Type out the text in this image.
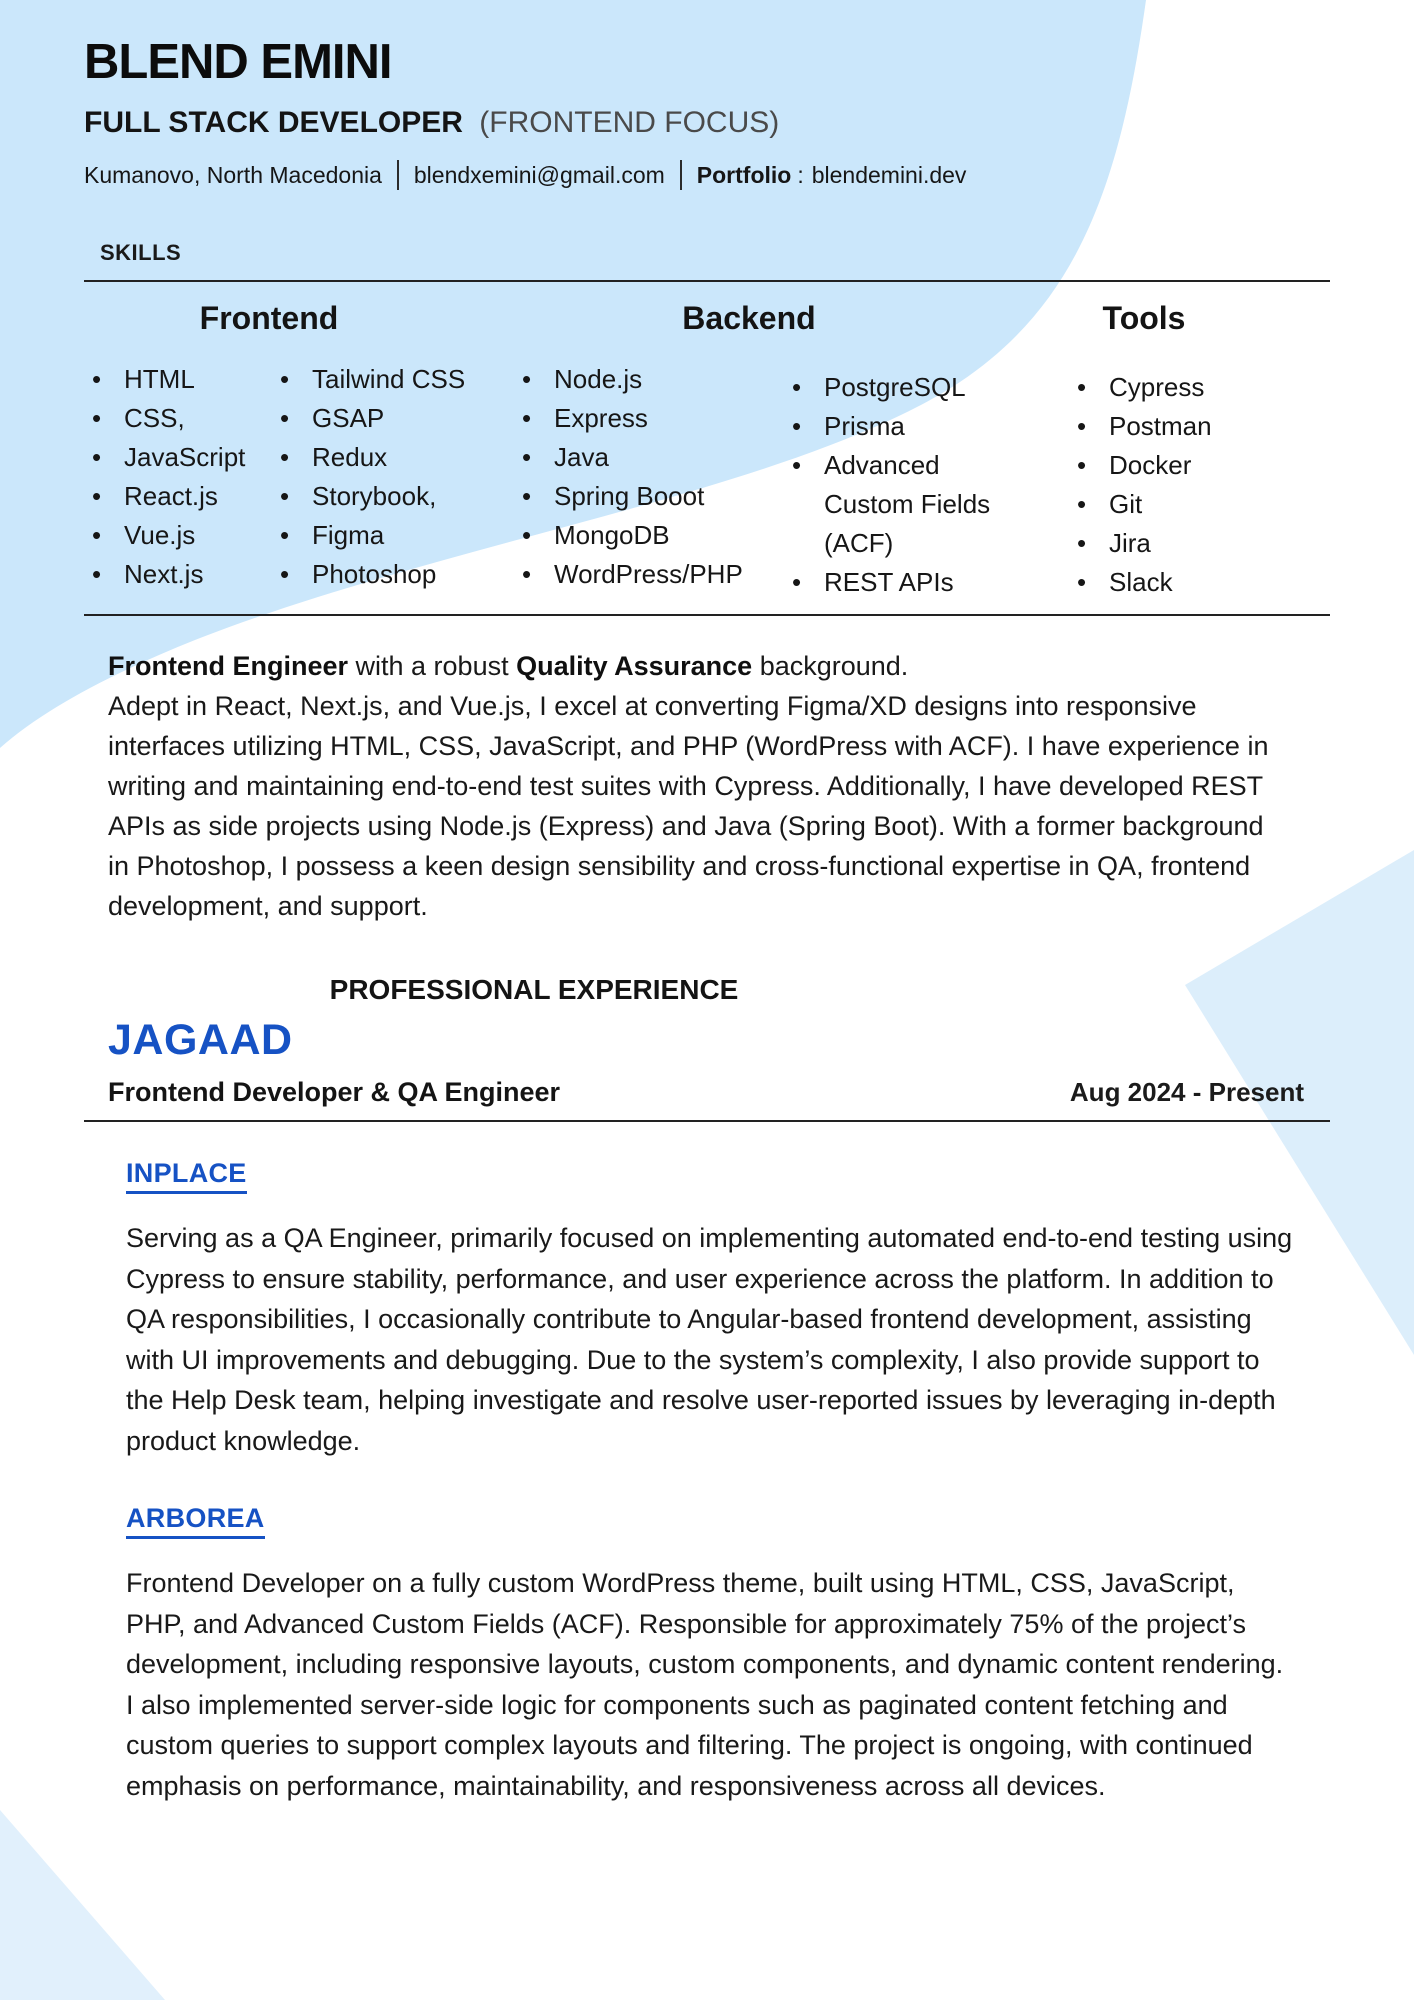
BLEND EMINI
FULL STACK DEVELOPER (FRONTEND FOCUS)
Kumanovo, North Macedonia blendxemini@gmail.com Portfolio : blendemini.dev
SKILLS
Frontend	Backend	Tools
• HTML
• CSS,
• JavaScript
• React.js
• Vue.js
• Next.js
• Tailwind CSS
• GSAP
• Redux
• Storybook,
• Figma
• Photoshop
• Node.js
• Express
• Java
• Spring Booot
• MongoDB
• WordPress/PHP
• PostgreSQL
• Prisma
• Advanced Custom Fields (ACF)
• REST APIs
• Cypress
• Postman
• Docker
• Git
• Jira
• Slack

Frontend Engineer with a robust Quality Assurance background.

Adept in React, Next.js, and Vue.js, I excel at converting Figma/XD designs into responsive interfaces utilizing HTML, CSS, JavaScript, and PHP (WordPress with ACF). I have experience in writing and maintaining end-to-end test suites with Cypress. Additionally, I have developed REST APIs as side projects using Node.js (Express) and Java (Spring Boot). With a former background in Photoshop, I possess a keen design sensibility and cross-functional expertise in QA, frontend development, and support.

PROFESSIONAL EXPERIENCE
JAGAAD
Frontend Developer & QA Engineer	Aug 2024 - Present
INPLACE

Serving as a QA Engineer, primarily focused on implementing automated end-to-end testing using Cypress to ensure stability, performance, and user experience across the platform. In addition to QA responsibilities, I occasionally contribute to Angular-based frontend development, assisting with UI improvements and debugging. Due to the system’s complexity, I also provide support to the Help Desk team, helping investigate and resolve user-reported issues by leveraging in-depth product knowledge.

ARBOREA

Frontend Developer on a fully custom WordPress theme, built using HTML, CSS, JavaScript, PHP, and Advanced Custom Fields (ACF). Responsible for approximately 75% of the project’s development, including responsive layouts, custom components, and dynamic content rendering. I also implemented server-side logic for components such as paginated content fetching and custom queries to support complex layouts and filtering. The project is ongoing, with continued emphasis on performance, maintainability, and responsiveness across all devices.
